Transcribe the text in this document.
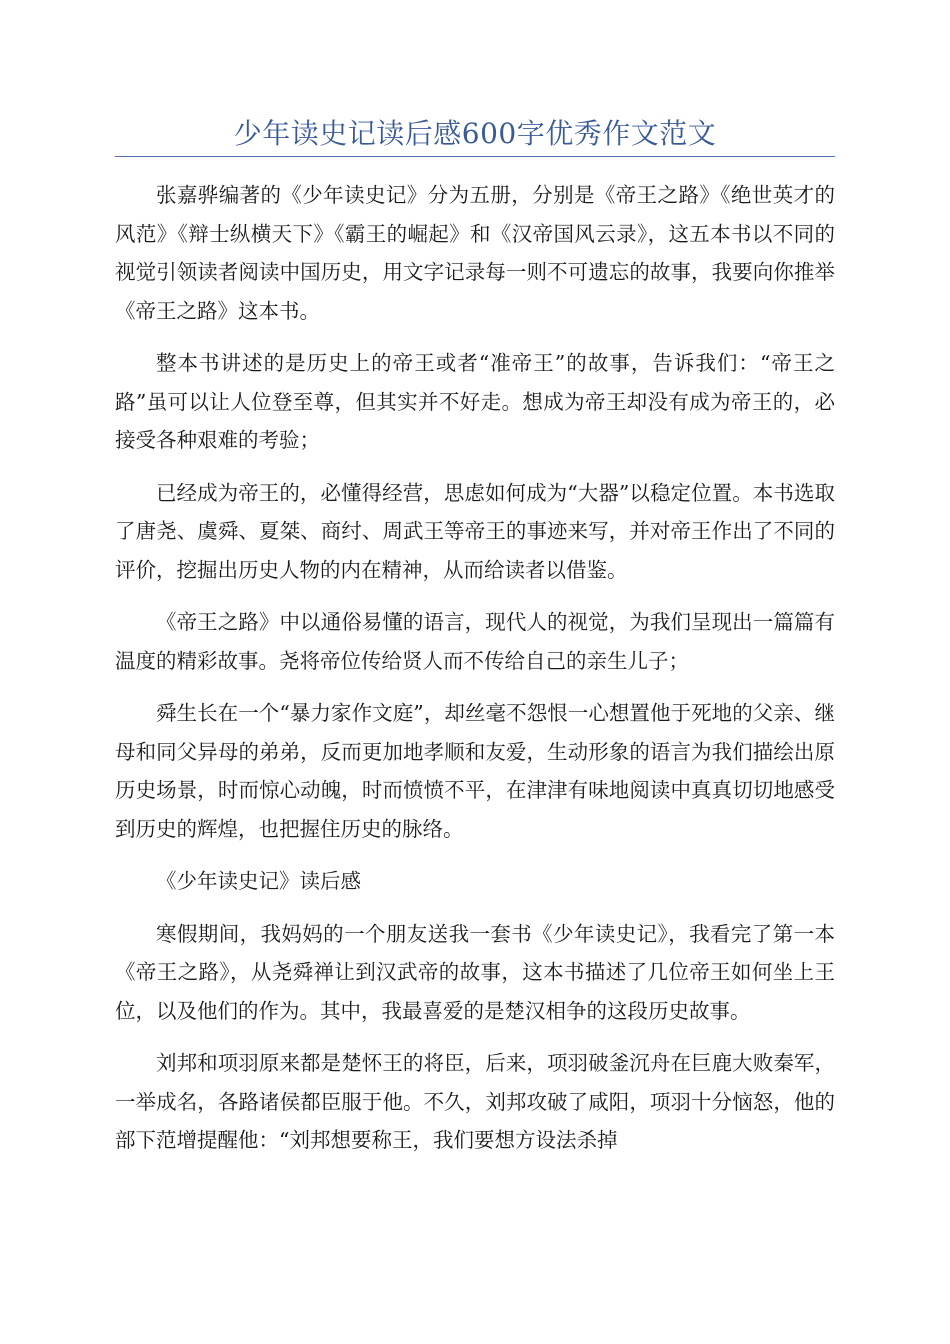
少年读史记读后感600字优秀作文范文

张嘉骅编著的《少年读史记》分为五册，分别是《帝王之路》《绝世英才的风范》《辩士纵横天下》《霸王的崛起》和《汉帝国风云录》，这五本书以不同的视觉引领读者阅读中国历史，用文字记录每一则不可遗忘的故事，我要向你推举《帝王之路》这本书。

整本书讲述的是历史上的帝王或者“准帝王”的故事，告诉我们：“帝王之路”虽可以让人位登至尊，但其实并不好走。想成为帝王却没有成为帝王的，必接受各种艰难的考验；

已经成为帝王的，必懂得经营，思虑如何成为“大器”以稳定位置。本书选取了唐尧、虞舜、夏桀、商纣、周武王等帝王的事迹来写，并对帝王作出了不同的评价，挖掘出历史人物的内在精神，从而给读者以借鉴。

《帝王之路》中以通俗易懂的语言，现代人的视觉，为我们呈现出一篇篇有温度的精彩故事。尧将帝位传给贤人而不传给自己的亲生儿子；

舜生长在一个“暴力家作文庭”，却丝毫不怨恨一心想置他于死地的父亲、继母和同父异母的弟弟，反而更加地孝顺和友爱，生动形象的语言为我们描绘出原历史场景，时而惊心动魄，时而愤愤不平，在津津有味地阅读中真真切切地感受到历史的辉煌，也把握住历史的脉络。

《少年读史记》读后感

寒假期间，我妈妈的一个朋友送我一套书《少年读史记》，我看完了第一本《帝王之路》，从尧舜禅让到汉武帝的故事，这本书描述了几位帝王如何坐上王位，以及他们的作为。其中，我最喜爱的是楚汉相争的这段历史故事。

刘邦和项羽原来都是楚怀王的将臣，后来，项羽破釜沉舟在巨鹿大败秦军，一举成名，各路诸侯都臣服于他。不久，刘邦攻破了咸阳，项羽十分恼怒，他的部下范增提醒他：“刘邦想要称王，我们要想方设法杀掉
